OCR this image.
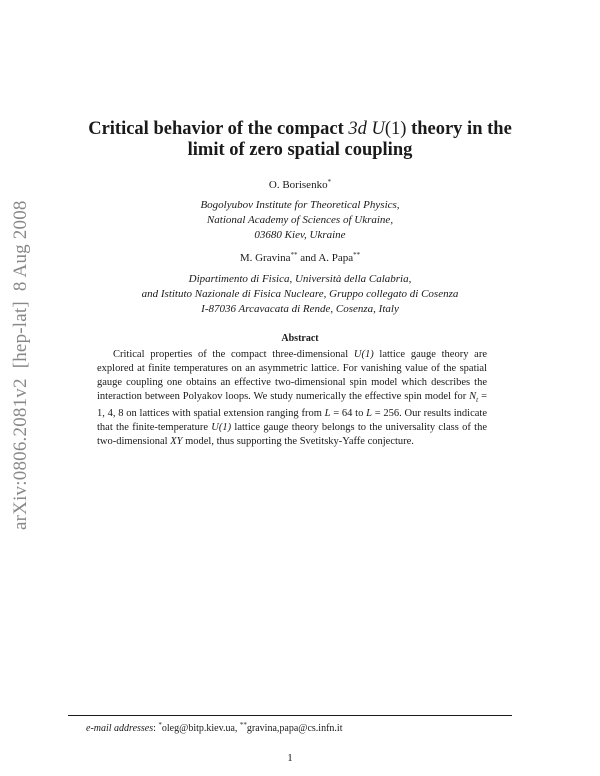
arXiv:0806.2081v2[hep-lat]8 Aug 2008
Critical behavior of the compact 3d U(1) theory in the
limit of zero spatial coupling
O. Borisenko*
Bogolyubov Institute for Theoretical Physics,
National Academy of Sciences of Ukraine,
03680 Kiev, Ukraine
M. Gravina** and A. Papa**
Dipartimento di Fisica, Università della Calabria,
and Istituto Nazionale di Fisica Nucleare, Gruppo collegato di Cosenza
I-87036 Arcavacata di Rende, Cosenza, Italy
Abstract

Critical properties of the compact three-dimensional U(1) lattice gauge theory are explored at finite temperatures on an asymmetric lattice. For vanishing value of the spatial gauge coupling one obtains an effective two-dimensional spin model which describes the interaction between Polyakov loops. We study numerically the effective spin model for $N_t = 1$, 4, 8 on lattices with spatial extension ranging from L = 64 to L = 256. Our results indicate that the finite-temperature U(1) lattice gauge theory belongs to the universality class of the two-dimensional XY model, thus supporting the Svetitsky-Yaffe conjecture.

e-mail addresses: *oleg@bitp.kiev.ua, **gravina,papa@cs.infn.it
1
